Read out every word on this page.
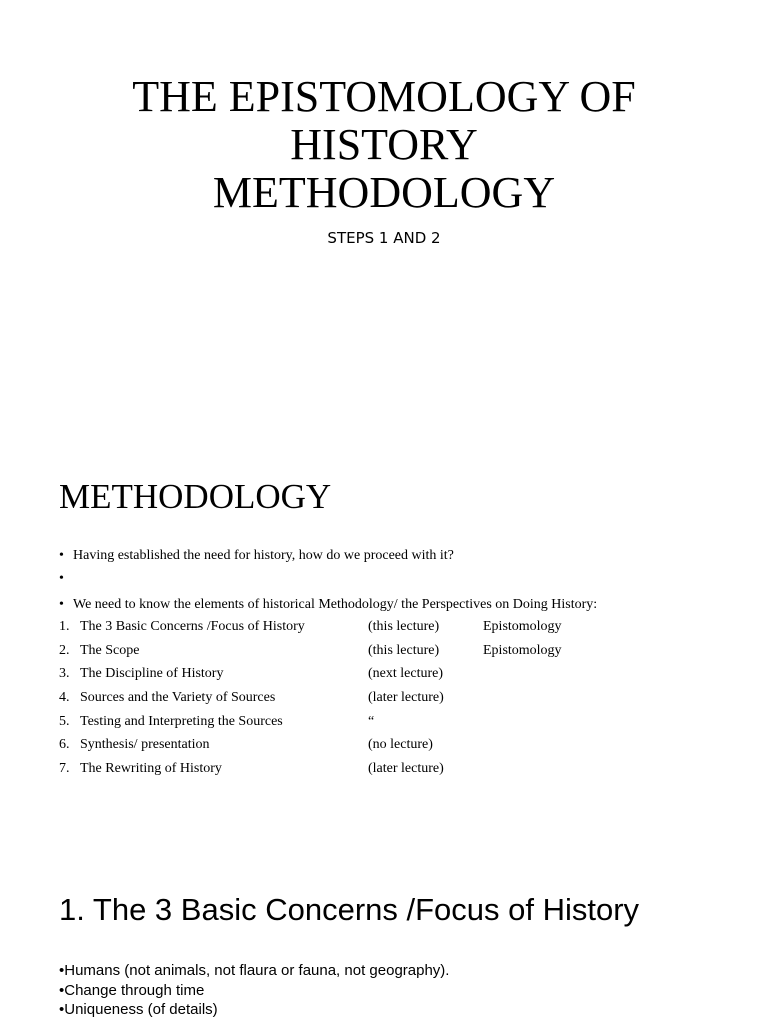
THE EPISTOMOLOGY OF
HISTORY
METHODOLOGY
STEPS 1 AND 2
METHODOLOGY
• Having established the need for history, how do we proceed with it?
•
• We need to know the elements of historical Methodology/ the Perspectives on Doing History:
1. The 3 Basic Concerns /Focus of History	(this lecture)	Epistomology
2. The Scope	(this lecture)	Epistomology
3. The Discipline of History	(next lecture)
4. Sources and the Variety of Sources	(later lecture)
5. Testing and Interpreting the Sources	“
6. Synthesis/ presentation	(no lecture)
7. The Rewriting of History	(later lecture)
1. The 3 Basic Concerns /Focus of History
•Humans (not animals, not flaura or fauna, not geography).
•Change through time
•Uniqueness (of details)
